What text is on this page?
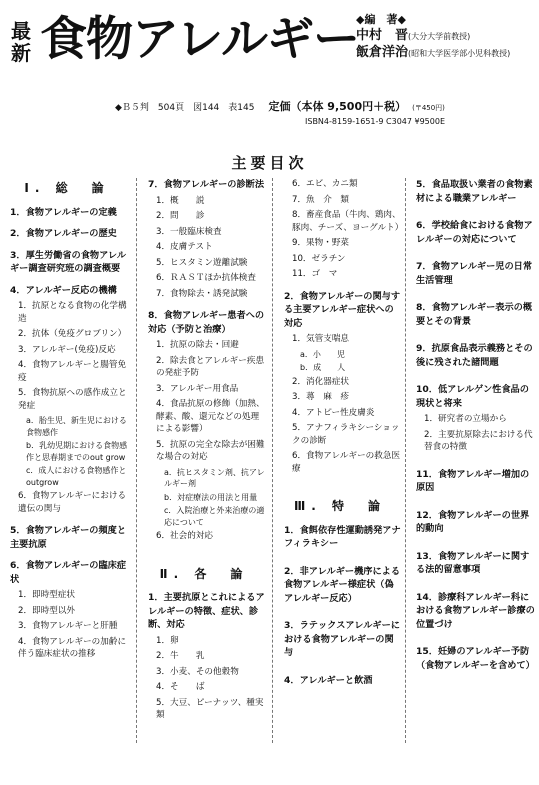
最新 食物アレルギー
◆編　著◆
中村　晋(大分大学前教授)
飯倉洋治(昭和大学医学部小児科教授)
◆Ｂ５判　504頁　図144　表145 定価（本体 9,500円＋税） (〒450円)
ISBN4-8159-1651-9 C3047 ¥9500E
主要目次
Ⅰ. 総　論
1．食物アレルギーの定義
2．食物アレルギーの歴史
3．厚生労働省の食物アレルギー調査研究班の調査概要
4．アレルギー反応の機構
1．抗原となる食物の化学構造
2．抗体（免疫グロブリン）
3．アレルギー(免疫)反応
4．食物アレルギーと腸管免疫
5．食物抗原への感作成立と発症
a．胎生児、新生児における食物感作
b．乳幼児期における食物感作と思春期までのout grow
c．成人における食物感作とoutgrow
6．食物アレルギーにおける遺伝の関与
5．食物アレルギーの頻度と主要抗原
6．食物アレルギーの臨床症状
1．即時型症状
2．即時型以外
3．食物アレルギーと肝腫
4．食物アレルギーの加齢に伴う臨床症状の推移
7．食物アレルギーの診断法
1．概　　説
2．問　　診
3．一般臨床検査
4．皮膚テスト
5．ヒスタミン遊離試験
6．ＲＡＳＴほか抗体検査
7．食物除去・誘発試験
8．食物アレルギー患者への対応（予防と治療）
1．抗原の除去・回避
2．除去食とアレルギー疾患の発症予防
3．アレルギー用食品
4．食品抗原の修飾（加熱、酵素、酸、還元などの処理による影響）
5．抗原の完全な除去が困難な場合の対応
a．抗ヒスタミン剤、抗アレルギー剤
b．対症療法の用法と用量
c．入院治療と外来治療の適応について
6．社会的対応
Ⅱ. 各　論
1．主要抗原とこれによるアレルギーの特徴、症状、診断、対応
1．卵
2．牛　　乳
3．小麦、その他穀物
4．そ　　ば
5．大豆、ピーナッツ、種実類
6．エビ、カニ類
7．魚　介　類
8．畜産食品（牛肉、鶏肉、豚肉、チーズ、ヨーグルト）
9．果物・野菜
10．ゼラチン
11．ゴ　マ
2．食物アレルギーの関与する主要アレルギー症状への対応
1．気管支喘息
a．小　　児
b．成　　人
2．消化器症状
3．蕁　麻　疹
4．アトピー性皮膚炎
5．アナフィラキシーショックの診断
6．食物アレルギーの救急医療
Ⅲ. 特　論
1．食餌依存性運動誘発アナフィラキシー
2．非アレルギー機序による食物アレルギー様症状（偽アレルギー反応）
3．ラテックスアレルギーにおける食物アレルギーの関与
4．アレルギーと飲酒
5．食品取扱い業者の食物素材による職業アレルギー
6．学校給食における食物アレルギーの対応について
7．食物アレルギー児の日常生活管理
8．食物アレルギー表示の概要とその背景
9．抗原食品表示義務とその後に残された諸問題
10．低アレルゲン性食品の現状と将来
1．研究者の立場から
2．主要抗原除去における代替食の特徴
11．食物アレルギー増加の原因
12．食物アレルギーの世界的動向
13．食物アレルギーに関する法的留意事項
14．診療科アレルギー科における食物アレルギー診療の位置づけ
15．妊婦のアレルギー予防（食物アレルギーを含めて）
